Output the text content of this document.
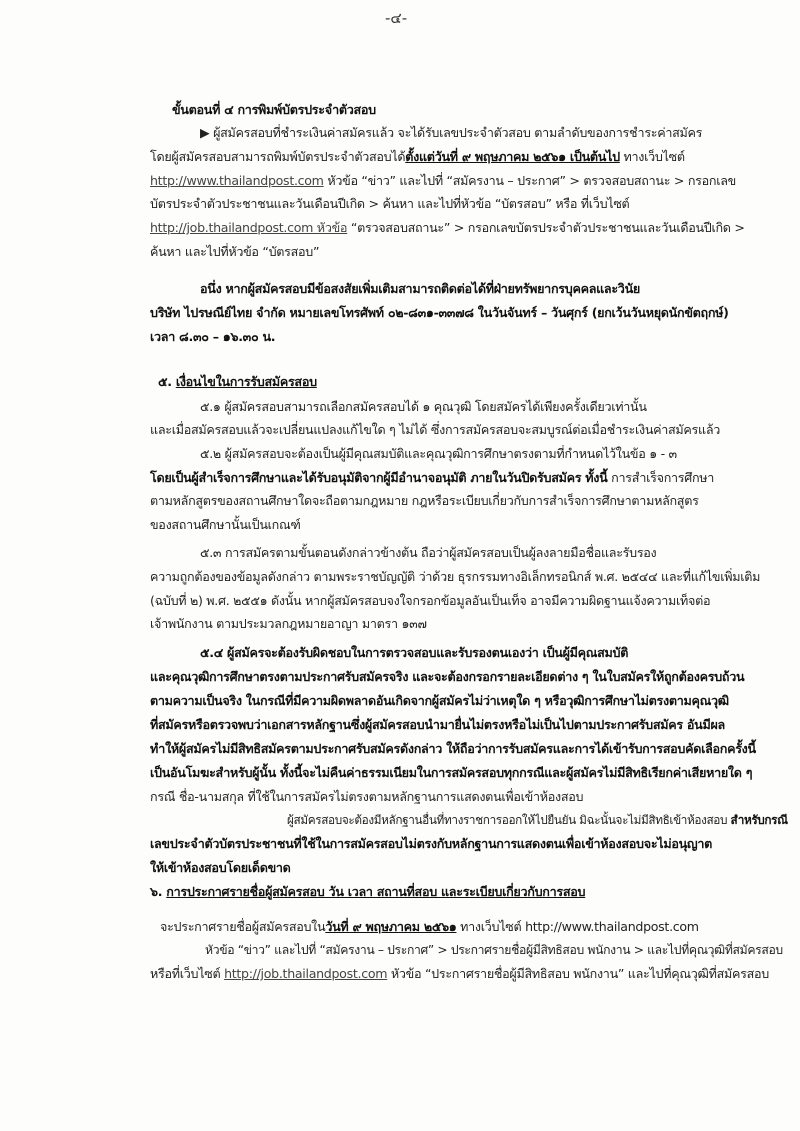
-๔-
ขั้นตอนที่ ๔ การพิมพ์บัตรประจำตัวสอบ
▶ ผู้สมัครสอบที่ชำระเงินค่าสมัครแล้ว จะได้รับเลขประจำตัวสอบ ตามลำดับของการชำระค่าสมัคร
โดยผู้สมัครสอบสามารถพิมพ์บัตรประจำตัวสอบได้ตั้งแต่วันที่ ๙ พฤษภาคม ๒๕๖๑ เป็นต้นไป ทางเว็บไซต์
http://www.thailandpost.com หัวข้อ “ข่าว” และไปที่ “สมัครงาน – ประกาศ” > ตรวจสอบสถานะ > กรอกเลข
บัตรประจำตัวประชาชนและวันเดือนปีเกิด > ค้นหา และไปที่หัวข้อ “บัตรสอบ” หรือ ที่เว็บไซต์
http://job.thailandpost.com หัวข้อ “ตรวจสอบสถานะ” > กรอกเลขบัตรประจำตัวประชาชนและวันเดือนปีเกิด >
ค้นหา และไปที่หัวข้อ “บัตรสอบ”
อนึ่ง หากผู้สมัครสอบมีข้อสงสัยเพิ่มเติมสามารถติดต่อได้ที่ฝ่ายทรัพยากรบุคคลและวินัย
บริษัท ไปรษณีย์ไทย จำกัด หมายเลขโทรศัพท์ ๐๒-๘๓๑-๓๓๗๘ ในวันจันทร์ – วันศุกร์ (ยกเว้นวันหยุดนักขัตฤกษ์)
เวลา ๘.๓๐ – ๑๖.๓๐ น.
๕. เงื่อนไขในการรับสมัครสอบ
๕.๑ ผู้สมัครสอบสามารถเลือกสมัครสอบได้ ๑ คุณวุฒิ โดยสมัครได้เพียงครั้งเดียวเท่านั้น
และเมื่อสมัครสอบแล้วจะเปลี่ยนแปลงแก้ไขใด ๆ ไม่ได้ ซึ่งการสมัครสอบจะสมบูรณ์ต่อเมื่อชำระเงินค่าสมัครแล้ว
๕.๒ ผู้สมัครสอบจะต้องเป็นผู้มีคุณสมบัติและคุณวุฒิการศึกษาตรงตามที่กำหนดไว้ในข้อ ๑ - ๓
โดยเป็นผู้สำเร็จการศึกษาและได้รับอนุมัติจากผู้มีอำนาจอนุมัติ ภายในวันปิดรับสมัคร ทั้งนี้ การสำเร็จการศึกษา
ตามหลักสูตรของสถานศึกษาใดจะถือตามกฎหมาย กฎหรือระเบียบเกี่ยวกับการสำเร็จการศึกษาตามหลักสูตร
ของสถานศึกษานั้นเป็นเกณฑ์
๕.๓ การสมัครตามขั้นตอนดังกล่าวข้างต้น ถือว่าผู้สมัครสอบเป็นผู้ลงลายมือชื่อและรับรอง
ความถูกต้องของข้อมูลดังกล่าว ตามพระราชบัญญัติ ว่าด้วย ธุรกรรมทางอิเล็กทรอนิกส์ พ.ศ. ๒๕๔๔ และที่แก้ไขเพิ่มเติม
(ฉบับที่ ๒) พ.ศ. ๒๕๕๑ ดังนั้น หากผู้สมัครสอบจงใจกรอกข้อมูลอันเป็นเท็จ อาจมีความผิดฐานแจ้งความเท็จต่อ
เจ้าพนักงาน ตามประมวลกฎหมายอาญา มาตรา ๑๓๗
๕.๔ ผู้สมัครจะต้องรับผิดชอบในการตรวจสอบและรับรองตนเองว่า เป็นผู้มีคุณสมบัติ
และคุณวุฒิการศึกษาตรงตามประกาศรับสมัครจริง และจะต้องกรอกรายละเอียดต่าง ๆ ในใบสมัครให้ถูกต้องครบถ้วน
ตามความเป็นจริง ในกรณีที่มีความผิดพลาดอันเกิดจากผู้สมัครไม่ว่าเหตุใด ๆ หรือวุฒิการศึกษาไม่ตรงตามคุณวุฒิ
ที่สมัครหรือตรวจพบว่าเอกสารหลักฐานซึ่งผู้สมัครสอบนำมายื่นไม่ตรงหรือไม่เป็นไปตามประกาศรับสมัคร อันมีผล
ทำให้ผู้สมัครไม่มีสิทธิสมัครตามประกาศรับสมัครดังกล่าว ให้ถือว่าการรับสมัครและการได้เข้ารับการสอบคัดเลือกครั้งนี้
เป็นอันโมฆะสำหรับผู้นั้น ทั้งนี้จะไม่คืนค่าธรรมเนียมในการสมัครสอบทุกกรณีและผู้สมัครไม่มีสิทธิเรียกค่าเสียหายใด ๆ
กรณี ชื่อ-นามสกุล ที่ใช้ในการสมัครไม่ตรงตามหลักฐานการแสดงตนเพื่อเข้าห้องสอบ
ผู้สมัครสอบจะต้องมีหลักฐานอื่นที่ทางราชการออกให้ไปยืนยัน มิฉะนั้นจะไม่มีสิทธิเข้าห้องสอบ สำหรับกรณี
เลขประจำตัวบัตรประชาชนที่ใช้ในการสมัครสอบไม่ตรงกับหลักฐานการแสดงตนเพื่อเข้าห้องสอบจะไม่อนุญาต
ให้เข้าห้องสอบโดยเด็ดขาด
๖. การประกาศรายชื่อผู้สมัครสอบ วัน เวลา สถานที่สอบ และระเบียบเกี่ยวกับการสอบ
จะประกาศรายชื่อผู้สมัครสอบในวันที่ ๙ พฤษภาคม ๒๕๖๑ ทางเว็บไซต์ http://www.thailandpost.com
หัวข้อ “ข่าว” และไปที่ “สมัครงาน – ประกาศ” > ประกาศรายชื่อผู้มีสิทธิสอบ พนักงาน > และไปที่คุณวุฒิที่สมัครสอบ
หรือที่เว็บไซต์ http://job.thailandpost.com หัวข้อ “ประกาศรายชื่อผู้มีสิทธิสอบ พนักงาน” และไปที่คุณวุฒิที่สมัครสอบ
